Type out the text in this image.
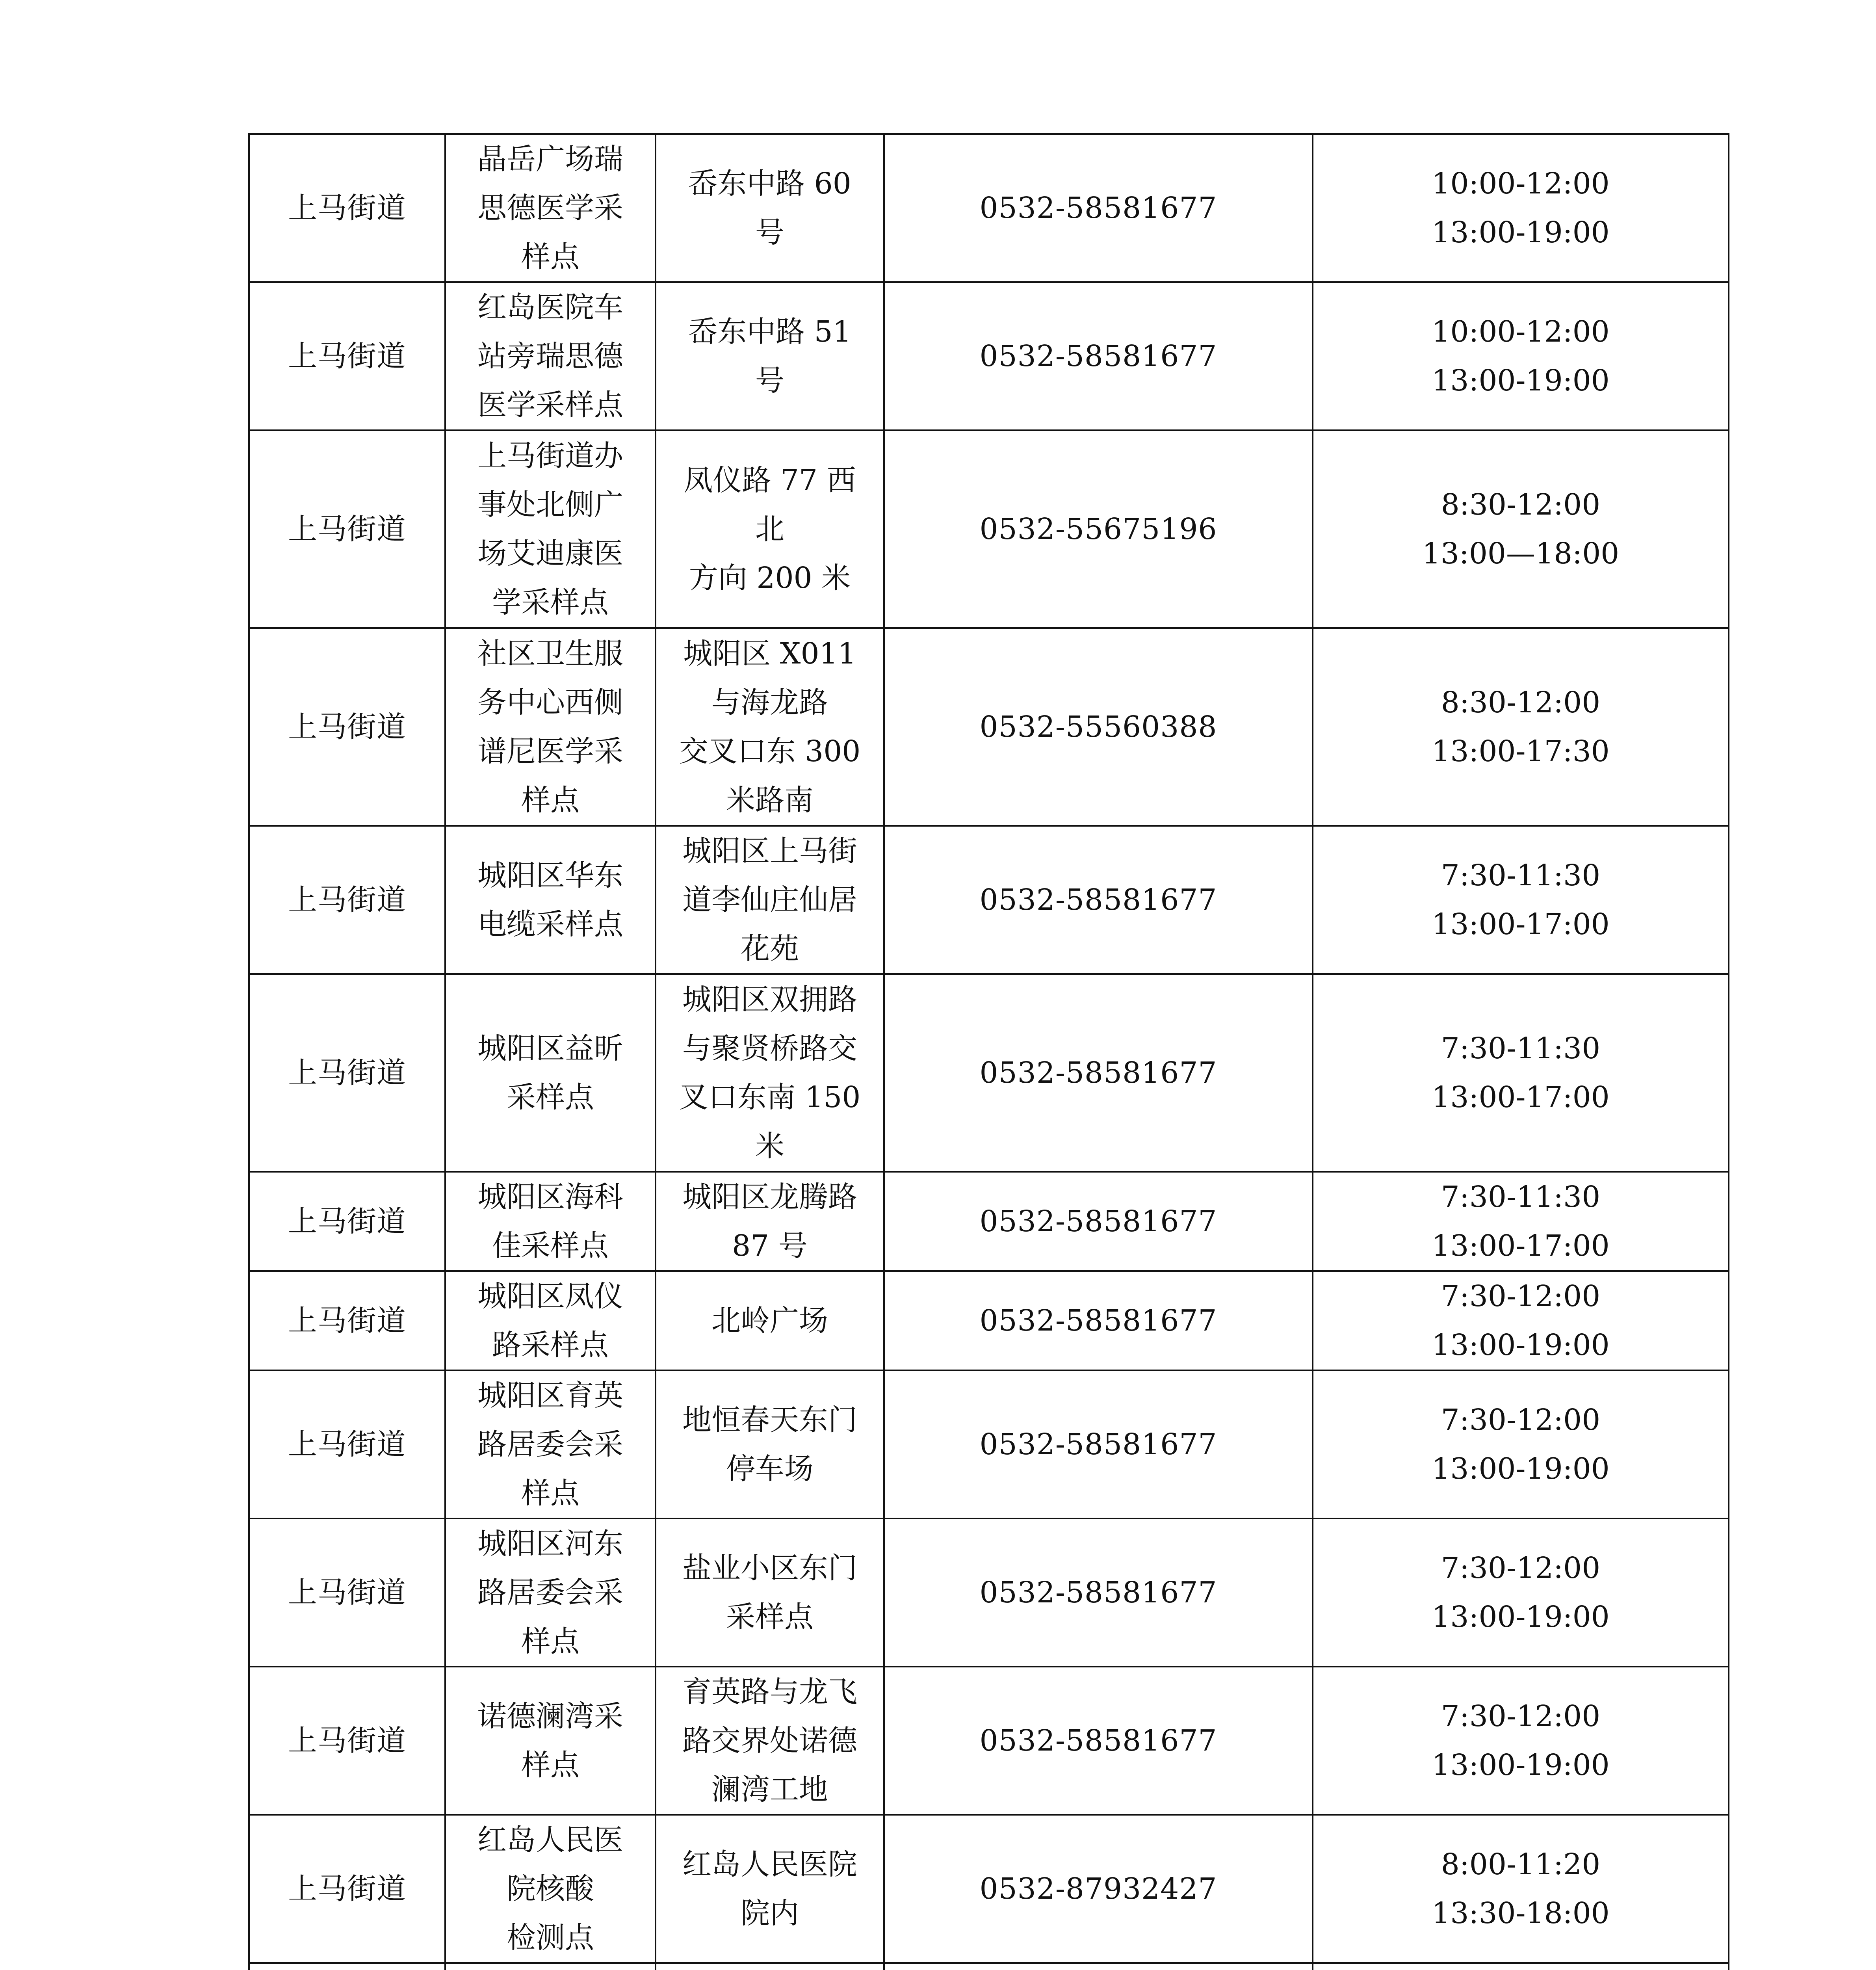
上马街道	晶岳广场瑞
思德医学采
样点	岙东中路 60
号	0532-58581677	10:00-12:00
13:00-19:00

上马街道	红岛医院车
站旁瑞思德
医学采样点	岙东中路 51
号	0532-58581677	10:00-12:00
13:00-19:00

上马街道	上马街道办
事处北侧广
场艾迪康医
学采样点	凤仪路 77 西
北
方向 200 米	0532-55675196	8:30-12:00
13:00—18:00

上马街道	社区卫生服
务中心西侧
谱尼医学采
样点	城阳区 X011
与海龙路
交叉口东 300
米路南	0532-55560388	8:30-12:00
13:00-17:30

上马街道	城阳区华东
电缆采样点	城阳区上马街
道李仙庄仙居
花苑	0532-58581677	7:30-11:30
13:00-17:00

上马街道	城阳区益昕
采样点	城阳区双拥路
与聚贤桥路交
叉口东南 150
米	0532-58581677	7:30-11:30
13:00-17:00

上马街道	城阳区海科
佳采样点	城阳区龙腾路
87 号	0532-58581677	7:30-11:30
13:00-17:00

上马街道	城阳区凤仪
路采样点	北岭广场	0532-58581677	7:30-12:00
13:00-19:00

上马街道	城阳区育英
路居委会采
样点	地恒春天东门
停车场	0532-58581677	7:30-12:00
13:00-19:00

上马街道	城阳区河东
路居委会采
样点	盐业小区东门
采样点	0532-58581677	7:30-12:00
13:00-19:00

上马街道	诺德澜湾采
样点	育英路与龙飞
路交界处诺德
澜湾工地	0532-58581677	7:30-12:00
13:00-19:00

上马街道	红岛人民医
院核酸
检测点	红岛人民医院
院内	0532-87932427	8:00-11:20
13:30-18:00
